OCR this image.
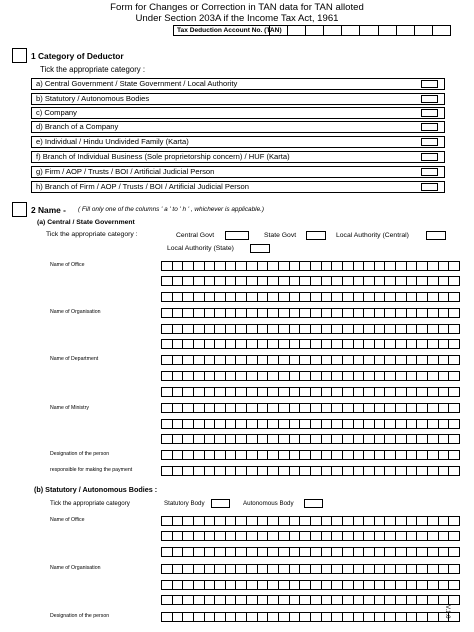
Form for Changes or Correction in TAN data for TAN alloted
Under Section 203A if the Income Tax Act, 1961
Tax Deduction Account No. (TAN)
1 Category of Deductor
Tick the appropriate category :
a) Central Government / State Government / Local Authority
b) Statutory / Autonomous Bodies
c) Company
d) Branch of a Company
e) Individual / Hindu Undivided Family (Karta)
f) Branch of Individual Business (Sole proprietorship concern) / HUF (Karta)
g) Firm / AOP / Trusts / BOI / Artificial Judicial Person
h) Branch of Firm / AOP / Trusts / BOI / Artificial Judicial Person
2 Name - ( Fill only one of the columns ' a ' to ' h ' , whichever is applicable.)
(a) Central / State Government
Tick the appropriate category :	Central Govt	State Govt	Local Authority (Central)
Local Authority (State)
Name of Office
Name of Organisation
Name of Department
Name of Ministry
Designation of the person
responsible for making the payment
(b) Statutory / Autonomous Bodies :
Tick the appropriate category	Statutory Body	Autonomous Body
Name of Office
Name of Organisation
Designation of the person	V.1.0
